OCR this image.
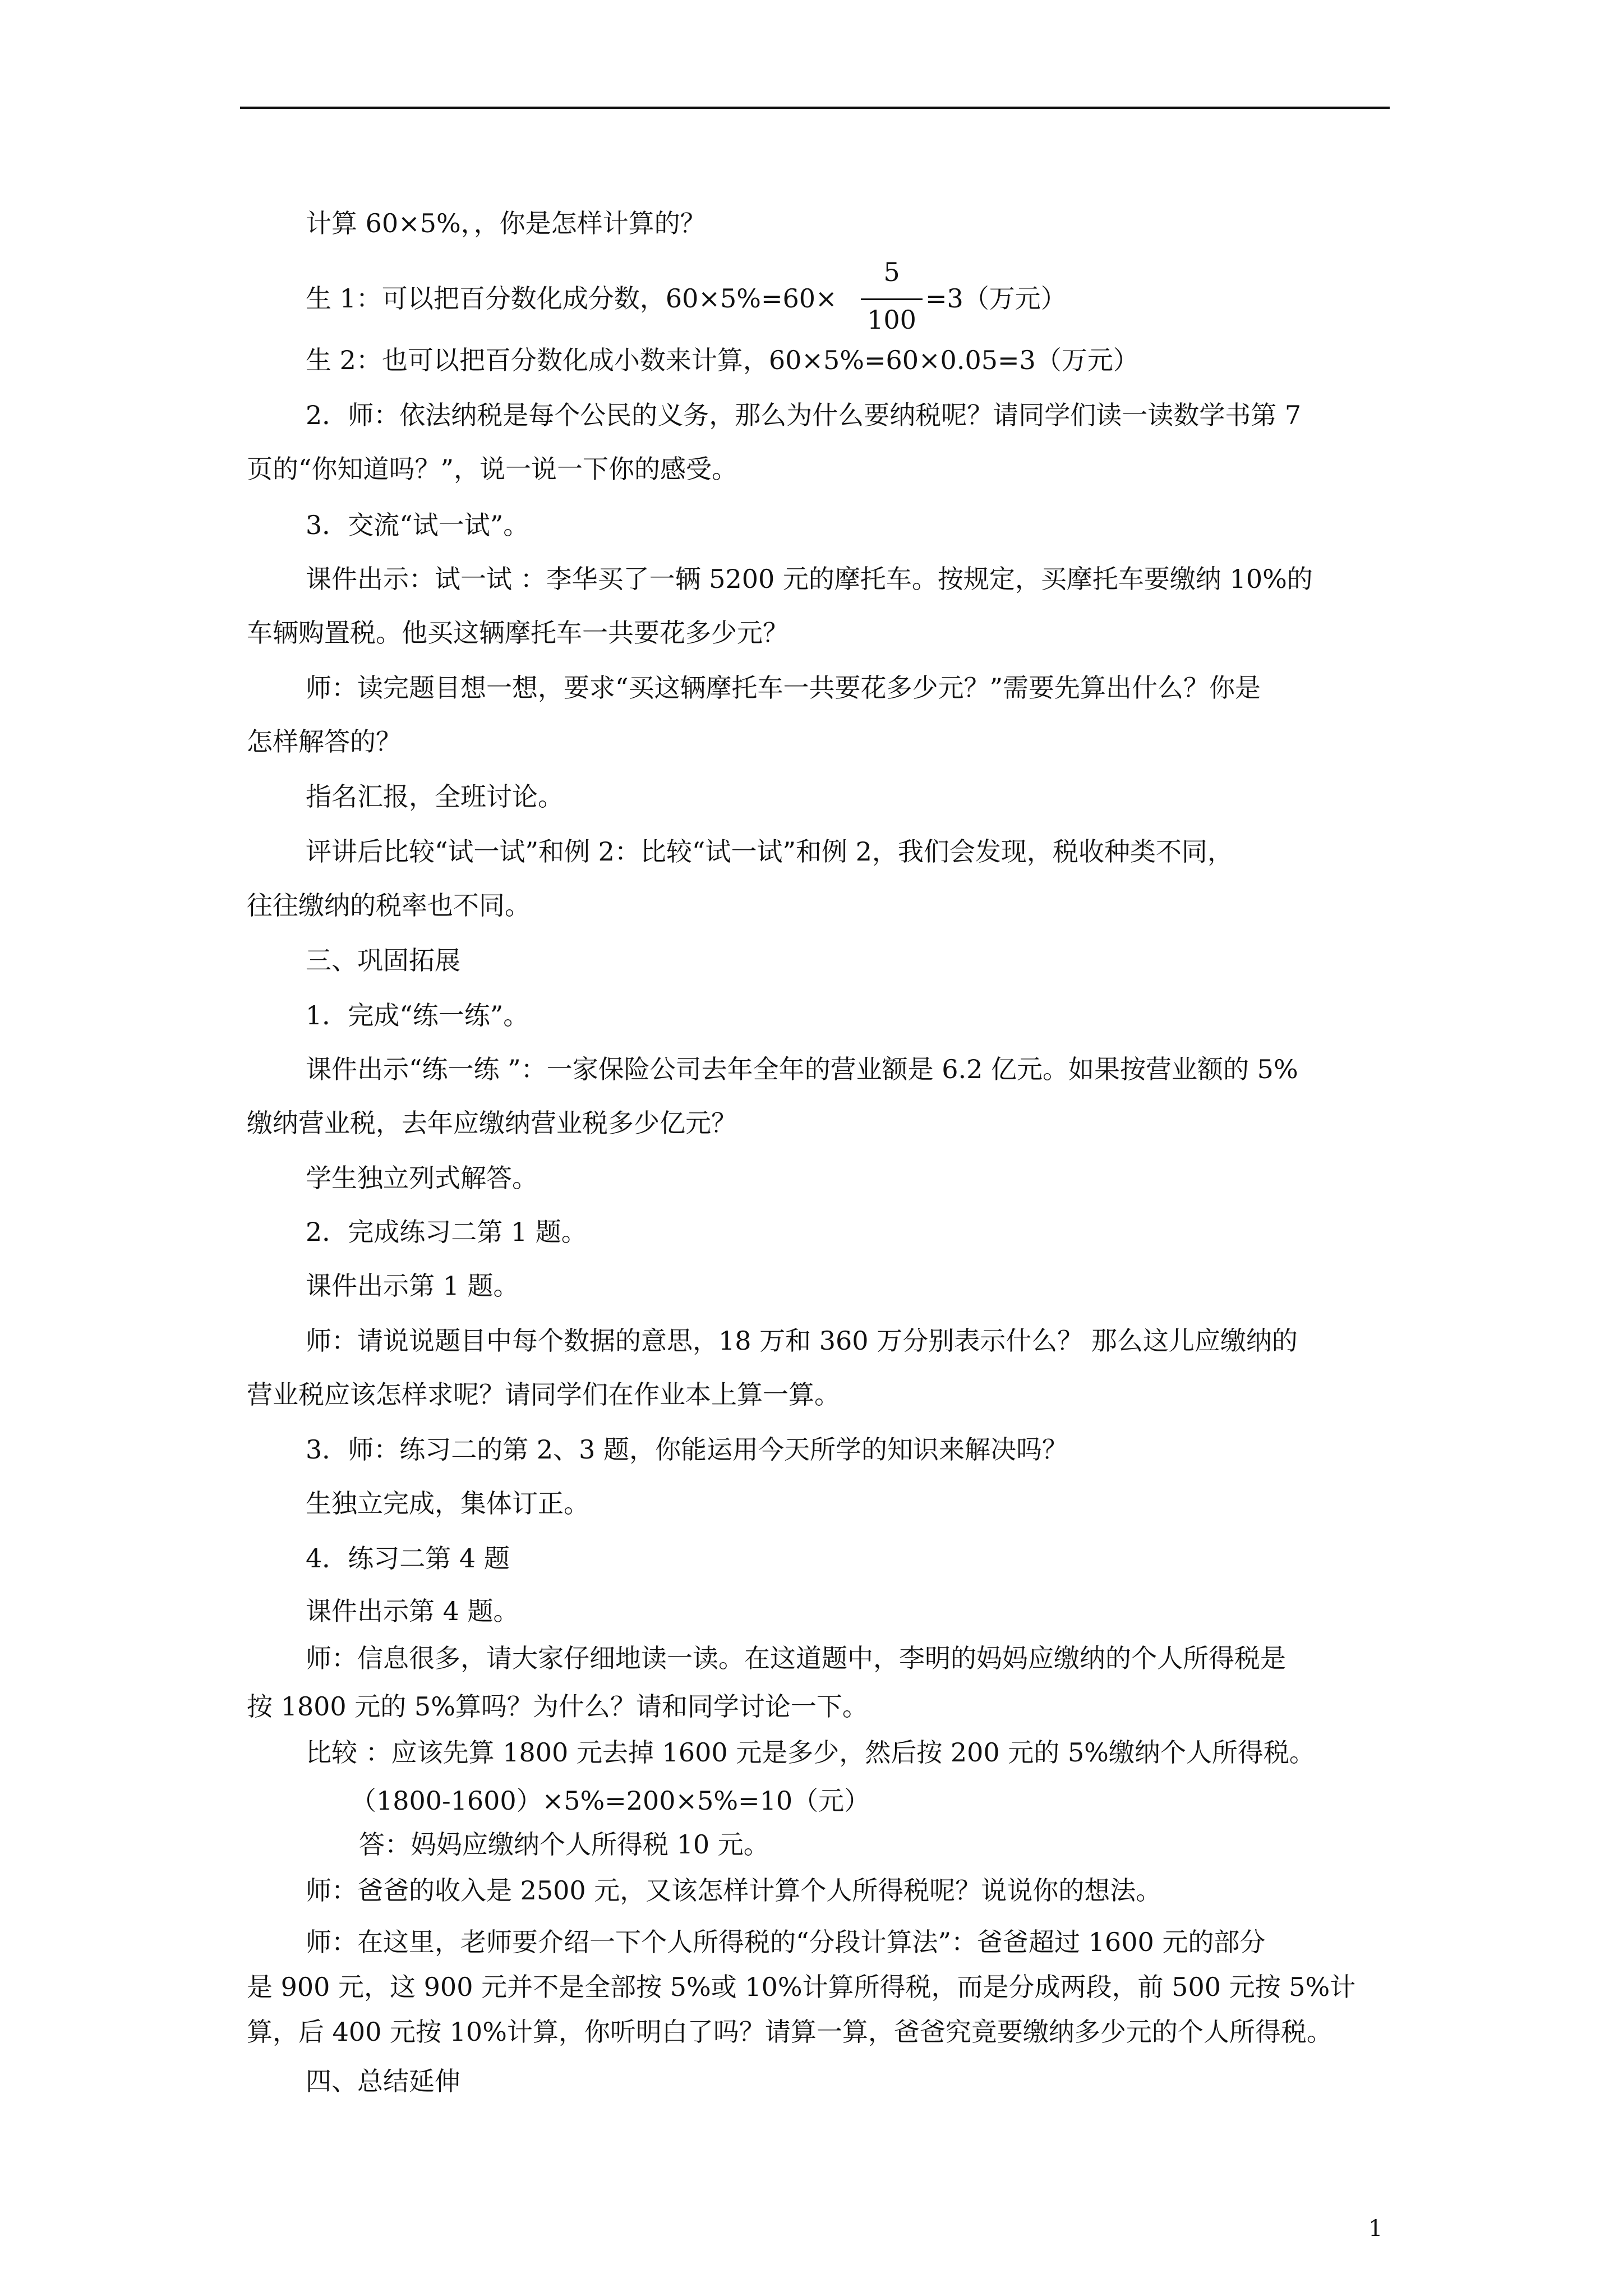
计算 60×5%，，你是怎样计算的？
生 1：可以把百分数化成分数，60×5%=60×
5
100
=3（万元）
生 2：也可以把百分数化成小数来计算，60×5%=60×0.05=3（万元）
2．师：依法纳税是每个公民的义务，那么为什么要纳税呢？请同学们读一读数学书第 7
页的“你知道吗？”，说一说一下你的感受。
3．交流“试一试”。
课件出示：试一试 ：李华买了一辆 5200 元的摩托车。按规定，买摩托车要缴纳 10%的
车辆购置税。他买这辆摩托车一共要花多少元？
师：读完题目想一想，要求“买这辆摩托车一共要花多少元？”需要先算出什么？你是
怎样解答的？
指名汇报，全班讨论。
评讲后比较“试一试”和例 2：比较“试一试”和例 2，我们会发现，税收种类不同，
往往缴纳的税率也不同。
三、巩固拓展
1．完成“练一练”。
课件出示“练一练 ”：一家保险公司去年全年的营业额是 6.2 亿元。如果按营业额的 5%
缴纳营业税，去年应缴纳营业税多少亿元？
学生独立列式解答。
2．完成练习二第 1 题。
课件出示第 1 题。
师：请说说题目中每个数据的意思，18 万和 360 万分别表示什么？ 那么这儿应缴纳的
营业税应该怎样求呢？请同学们在作业本上算一算。
3．师：练习二的第 2、3 题，你能运用今天所学的知识来解决吗？
生独立完成，集体订正。
4．练习二第 4 题
课件出示第 4 题。
师：信息很多，请大家仔细地读一读。在这道题中，李明的妈妈应缴纳的个人所得税是
按 1800 元的 5%算吗？为什么？请和同学讨论一下。
比较 ：应该先算 1800 元去掉 1600 元是多少，然后按 200 元的 5%缴纳个人所得税。
（1800-1600）×5%=200×5%=10（元）
答：妈妈应缴纳个人所得税 10 元。
师：爸爸的收入是 2500 元，又该怎样计算个人所得税呢？说说你的想法。
师：在这里，老师要介绍一下个人所得税的“分段计算法”：爸爸超过 1600 元的部分
是 900 元，这 900 元并不是全部按 5%或 10%计算所得税，而是分成两段，前 500 元按 5%计
算，后 400 元按 10%计算，你听明白了吗？请算一算，爸爸究竟要缴纳多少元的个人所得税。
四、总结延伸
1
